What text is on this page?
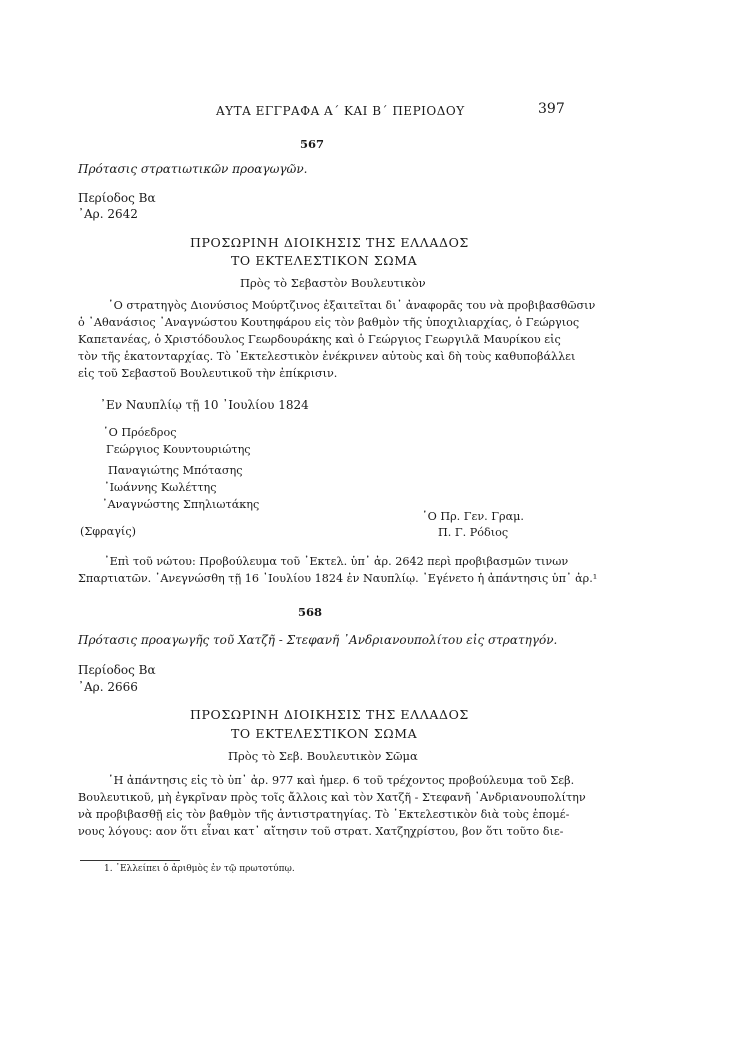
ΑΥΤΑ ΕΓΓΡΑΦΑ Α΄ ΚΑΙ Β΄ ΠΕΡΙΟΔΟΥ	397
567
Πρότασις στρατιωτικῶν προαγωγῶν.
Περίοδος Βα
᾿Αρ. 2642
ΠΡΟΣΩΡΙΝΗ ΔΙΟΙΚΗΣΙΣ ΤΗΣ ΕΛΛΑΔΟΣ
ΤΟ ΕΚΤΕΛΕΣΤΙΚΟΝ ΣΩΜΑ
Πρὸς τὸ Σεβαστὸν Βουλευτικὸν
῾Ο στρατηγὸς Διονύσιος Μούρτζινος ἐξαιτεῖται δι᾿ ἀναφορᾶς του νὰ προβιβασθῶσιν
ὁ ᾿Αθανάσιος ᾿Αναγνώστου Κουτηφάρου εἰς τὸν βαθμὸν τῆς ὑποχιλιαρχίας, ὁ Γεώργιος
Καπετανέας, ὁ Χριστόδουλος Γεωρδουράκης καὶ ὁ Γεώργιος Γεωργιλᾶ Μαυρίκου εἰς
τὸν τῆς ἑκατονταρχίας. Τὸ ᾿Εκτελεστικὸν ἐνέκρινεν αὐτοὺς καὶ δὴ τοὺς καθυποβάλλει
εἰς τοῦ Σεβαστοῦ Βουλευτικοῦ τὴν ἐπίκρισιν.
᾿Εν Ναυπλίῳ τῇ 10 ᾿Ιουλίου 1824
῾Ο Πρόεδρος
Γεώργιος Κουντουριώτης
Παναγιώτης Μπότασης
᾿Ιωάννης Κωλέττης
᾿Αναγνώστης Σπηλιωτάκης
῾Ο Πρ. Γεν. Γραμ.
(Σφραγίς)	Π. Γ. Ρόδιος
᾿Επὶ τοῦ νώτου: Προβούλευμα τοῦ ᾿Εκτελ. ὑπ᾿ ἀρ. 2642 περὶ προβιβασμῶν τινων
Σπαρτιατῶν. ᾿Ανεγνώσθη τῇ 16 ᾿Ιουλίου 1824 ἐν Ναυπλίῳ. ᾿Εγένετο ἡ ἀπάντησις ὑπ᾿ ἀρ.¹
568
Πρότασις προαγωγῆς τοῦ Χατζῆ - Στεφανῆ ᾿Ανδριανουπολίτου εἰς στρατηγόν.
Περίοδος Βα
᾿Αρ. 2666
ΠΡΟΣΩΡΙΝΗ ΔΙΟΙΚΗΣΙΣ ΤΗΣ ΕΛΛΑΔΟΣ
ΤΟ ΕΚΤΕΛΕΣΤΙΚΟΝ ΣΩΜΑ
Πρὸς τὸ Σεβ. Βουλευτικὸν Σῶμα
῾Η ἀπάντησις εἰς τὸ ὑπ᾿ ἀρ. 977 καὶ ἡμερ. 6 τοῦ τρέχοντος προβούλευμα τοῦ Σεβ.
Βουλευτικοῦ, μὴ ἐγκρῖναν πρὸς τοῖς ἄλλοις καὶ τὸν Χατζῆ - Στεφανῆ ᾿Ανδριανουπολίτην
νὰ προβιβασθῇ εἰς τὸν βαθμὸν τῆς ἀντιστρατηγίας. Τὸ ᾿Εκτελεστικὸν διὰ τοὺς ἑπομέ-
νους λόγους: αον ὅτι εἶναι κατ᾿ αἴτησιν τοῦ στρατ. Χατζηχρίστου, βον ὅτι τοῦτο διε-
1. ᾿Ελλείπει ὁ ἀριθμὸς ἐν τῷ πρωτοτύπῳ.
